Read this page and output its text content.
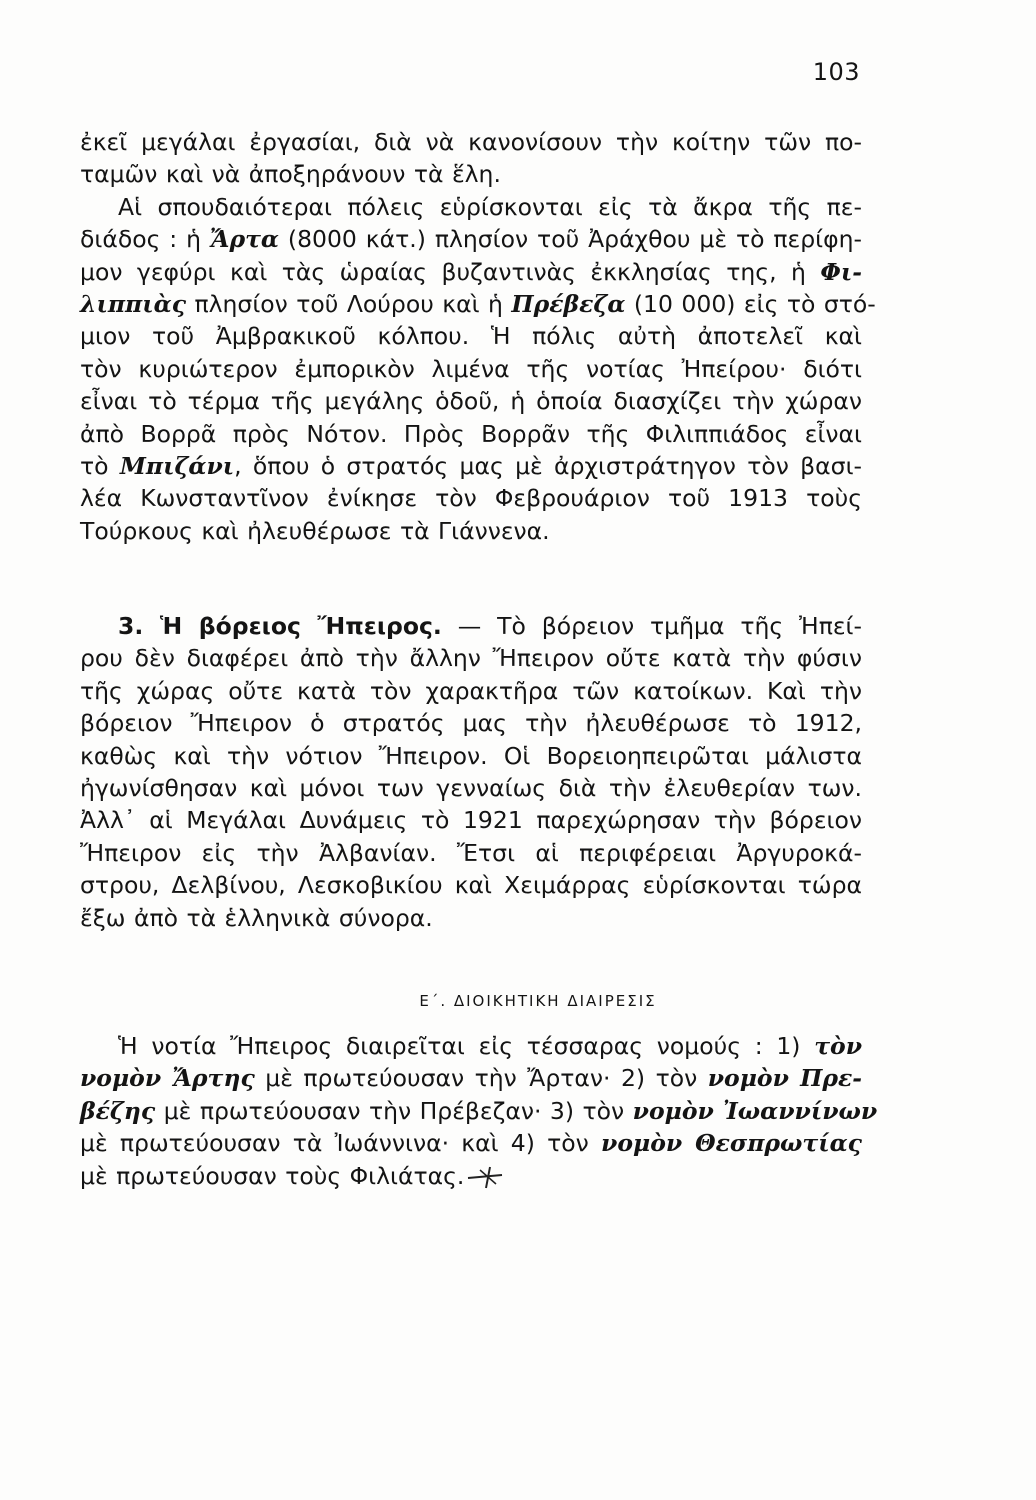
103
ἐκεῖ μεγάλαι ἐργασίαι, διὰ νὰ κανονίσουν τὴν κοίτην τῶν πο-
ταμῶν καὶ νὰ ἀποξηράνουν τὰ ἕλη.
Αἱ σπουδαιότεραι πόλεις εὑρίσκονται εἰς τὰ ἄκρα τῆς πε-
διάδος : ἡ Ἄρτα (8000 κάτ.) πλησίον τοῦ Ἀράχθου μὲ τὸ περίφη-
μον γεφύρι καὶ τὰς ὡραίας βυζαντινὰς ἐκκλησίας της, ἡ Φι-
λιππιὰς πλησίον τοῦ Λούρου καὶ ἡ Πρέβεζα (10 000) εἰς τὸ στό-
μιον τοῦ Ἀμβρακικοῦ κόλπου. Ἡ πόλις αὐτὴ ἀποτελεῖ καὶ
τὸν κυριώτερον ἐμπορικὸν λιμένα τῆς νοτίας Ἠπείρου· διότι
εἶναι τὸ τέρμα τῆς μεγάλης ὁδοῦ, ἡ ὁποία διασχίζει τὴν χώραν
ἀπὸ Βορρᾶ πρὸς Νότον. Πρὸς Βορρᾶν τῆς Φιλιππιάδος εἶναι
τὸ Μπιζάνι, ὅπου ὁ στρατός μας μὲ ἀρχιστράτηγον τὸν βασι-
λέα Κωνσταντῖνον ἐνίκησε τὸν Φεβρουάριον τοῦ 1913 τοὺς
Τούρκους καὶ ἠλευθέρωσε τὰ Γιάννενα.
3. Ἡ βόρειος Ἤπειρος. — Τὸ βόρειον τμῆμα τῆς Ἠπεί-
ρου δὲν διαφέρει ἀπὸ τὴν ἄλλην Ἤπειρον οὔτε κατὰ τὴν φύσιν
τῆς χώρας οὔτε κατὰ τὸν χαρακτῆρα τῶν κατοίκων. Καὶ τὴν
βόρειον Ἤπειρον ὁ στρατός μας τὴν ἠλευθέρωσε τὸ 1912,
καθὼς καὶ τὴν νότιον Ἤπειρον. Οἱ Βορειοηπειρῶται μάλιστα
ἠγωνίσθησαν καὶ μόνοι των γενναίως διὰ τὴν ἐλευθερίαν των.
Ἀλλ᾽ αἱ Μεγάλαι Δυνάμεις τὸ 1921 παρεχώρησαν τὴν βόρειον
Ἤπειρον εἰς τὴν Ἀλβανίαν. Ἔτσι αἱ περιφέρειαι Ἀργυροκά-
στρου, Δελβίνου, Λεσκοβικίου καὶ Χειμάρρας εὑρίσκονται τώρα
ἔξω ἀπὸ τὰ ἑλληνικὰ σύνορα.
Ε΄. ΔΙΟΙΚΗΤΙΚΗ ΔΙΑΙΡΕΣΙΣ
Ἡ νοτία Ἤπειρος διαιρεῖται εἰς τέσσαρας νομούς : 1) τὸν
νομὸν Ἄρτης μὲ πρωτεύουσαν τὴν Ἄρταν· 2) τὸν νομὸν Πρε-
βέζης μὲ πρωτεύουσαν τὴν Πρέβεζαν· 3) τὸν νομὸν Ἰωαννίνων
μὲ πρωτεύουσαν τὰ Ἰωάννινα· καὶ 4) τὸν νομὸν Θεσπρωτίας
μὲ πρωτεύουσαν τοὺς Φιλιάτας.
